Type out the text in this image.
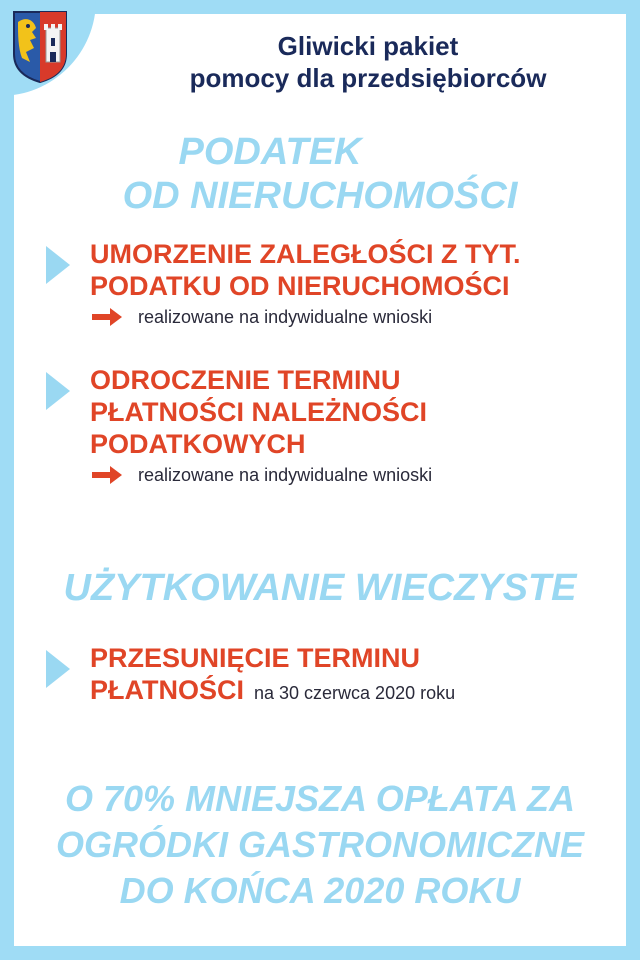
Gliwicki pakiet
pomocy dla przedsiębiorców
PODATEK
OD NIERUCHOMOŚCI
UMORZENIE ZALEGŁOŚCI Z TYT.
PODATKU OD NIERUCHOMOŚCI
realizowane na indywidualne wnioski
ODROCZENIE TERMINU
PŁATNOŚCI NALEŻNOŚCI
PODATKOWYCH
realizowane na indywidualne wnioski
UŻYTKOWANIE WIECZYSTE
PRZESUNIĘCIE TERMINU
PŁATNOŚCI na 30 czerwca 2020 roku
O 70% MNIEJSZA OPŁATA ZA
OGRÓDKI GASTRONOMICZNE
DO KOŃCA 2020 ROKU
